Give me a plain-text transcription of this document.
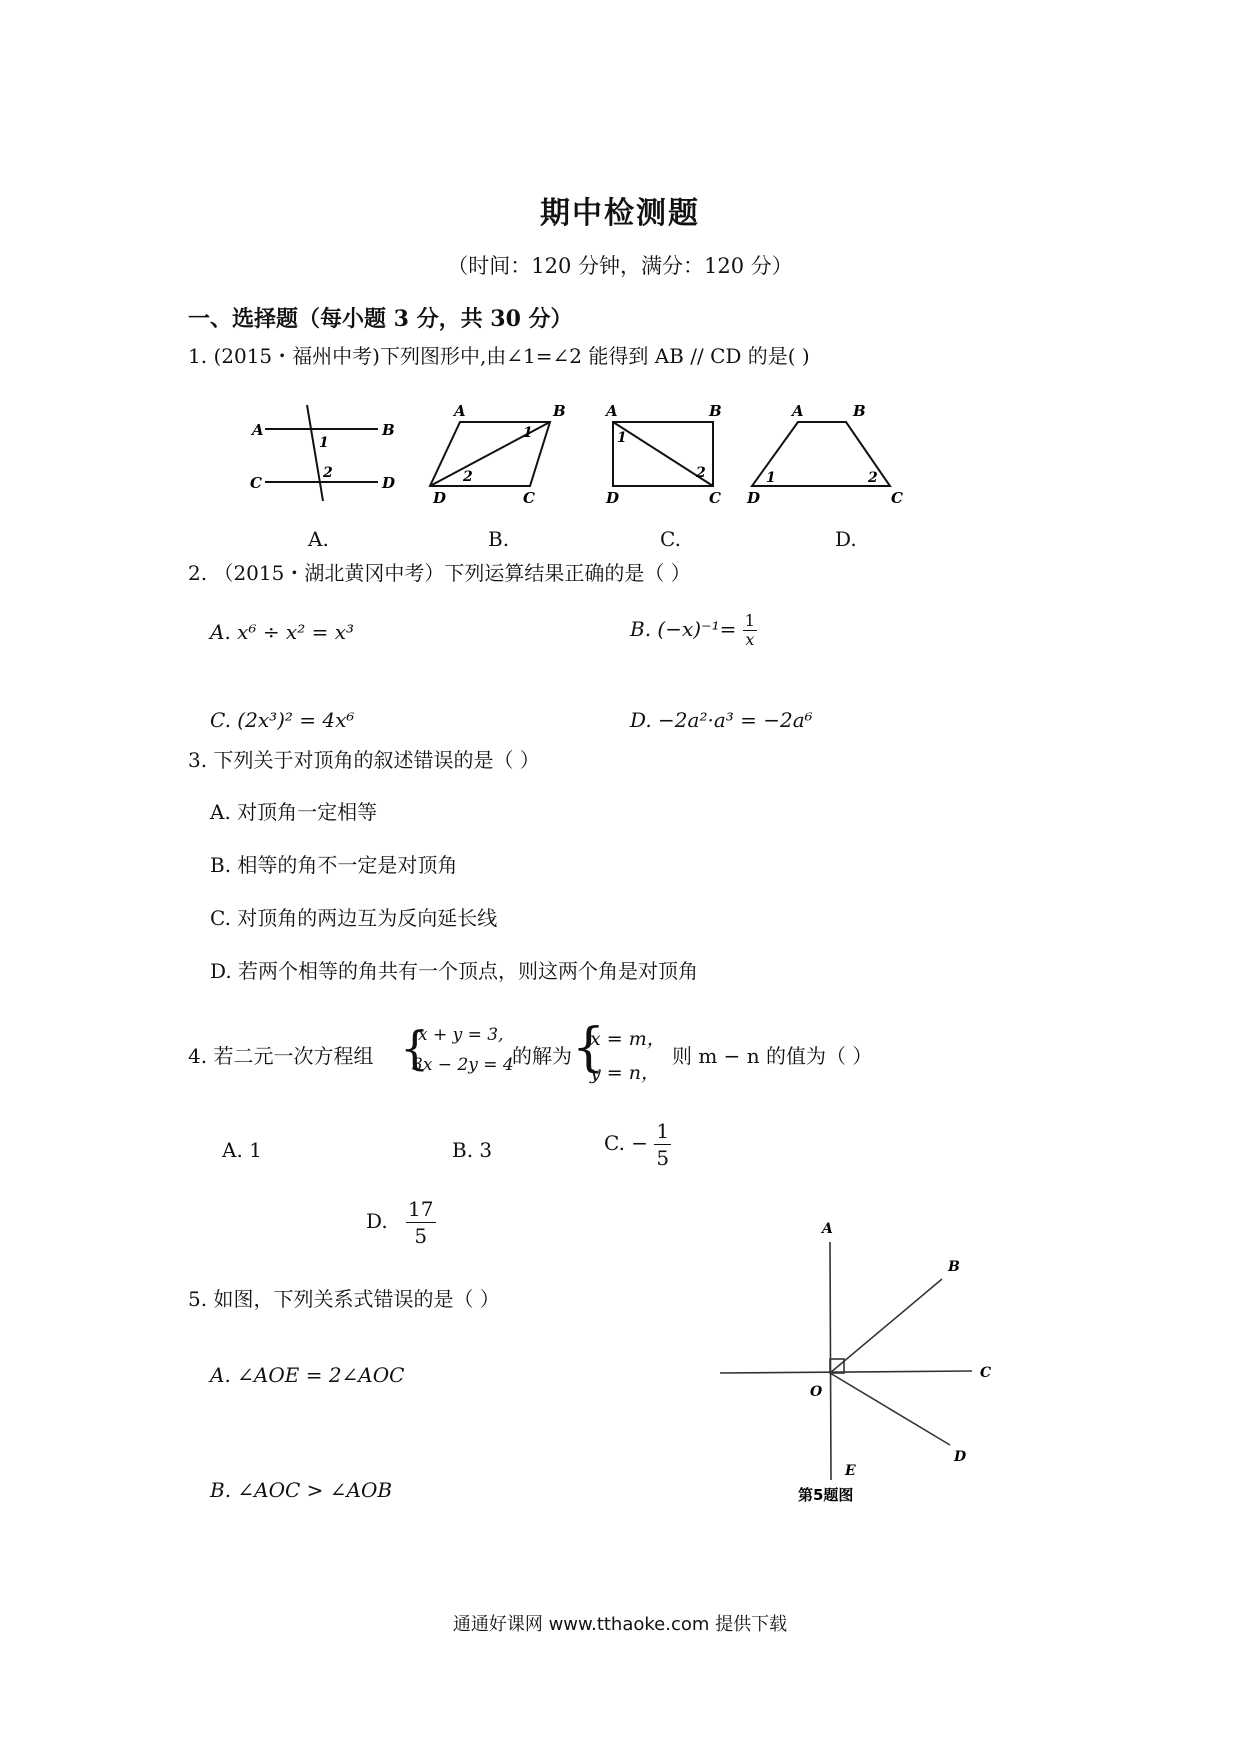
期中检测题
（时间：120 分钟，满分：120 分）
一、选择题（每小题 3 分，共 30 分）
1. (2015・福州中考)下列图形中,由∠1=∠2 能得到 AB // CD 的是( )
A	B
C	D
1
2
A	B
D	C
1
2
A	B
D	C
1
2
A	B
D	C
1	2
A.	B.	C.	D.
2. （2015・湖北黄冈中考）下列运算结果正确的是（ ）
A. x⁶ ÷ x² = x³	B. $(-x)^{-1}= \frac{1}{x}$
C. (2x³)² = 4x⁶	D. −2a²·a³ = −2a⁶
3. 下列关于对顶角的叙述错误的是（ ）
A. 对顶角一定相等
B. 相等的角不一定是对顶角
C. 对顶角的两边互为反向延长线
D. 若两个相等的角共有一个顶点，则这两个角是对顶角
4. 若二元一次方程组 {
x + y = 3,
3x − 2y = 4
的解为 {
x = m，
y = n，
则 m − n 的值为（ ）
A. 1	B. 3	C. − $\frac{1}{5}$
D. $\frac{17}{5}$
5. 如图，下列关系式错误的是（ ）
A. ∠AOE = 2∠AOC
B. ∠AOC > ∠AOB
A
B
C
O
D
E
第5题图
通通好课网 www.tthaoke.com 提供下载
